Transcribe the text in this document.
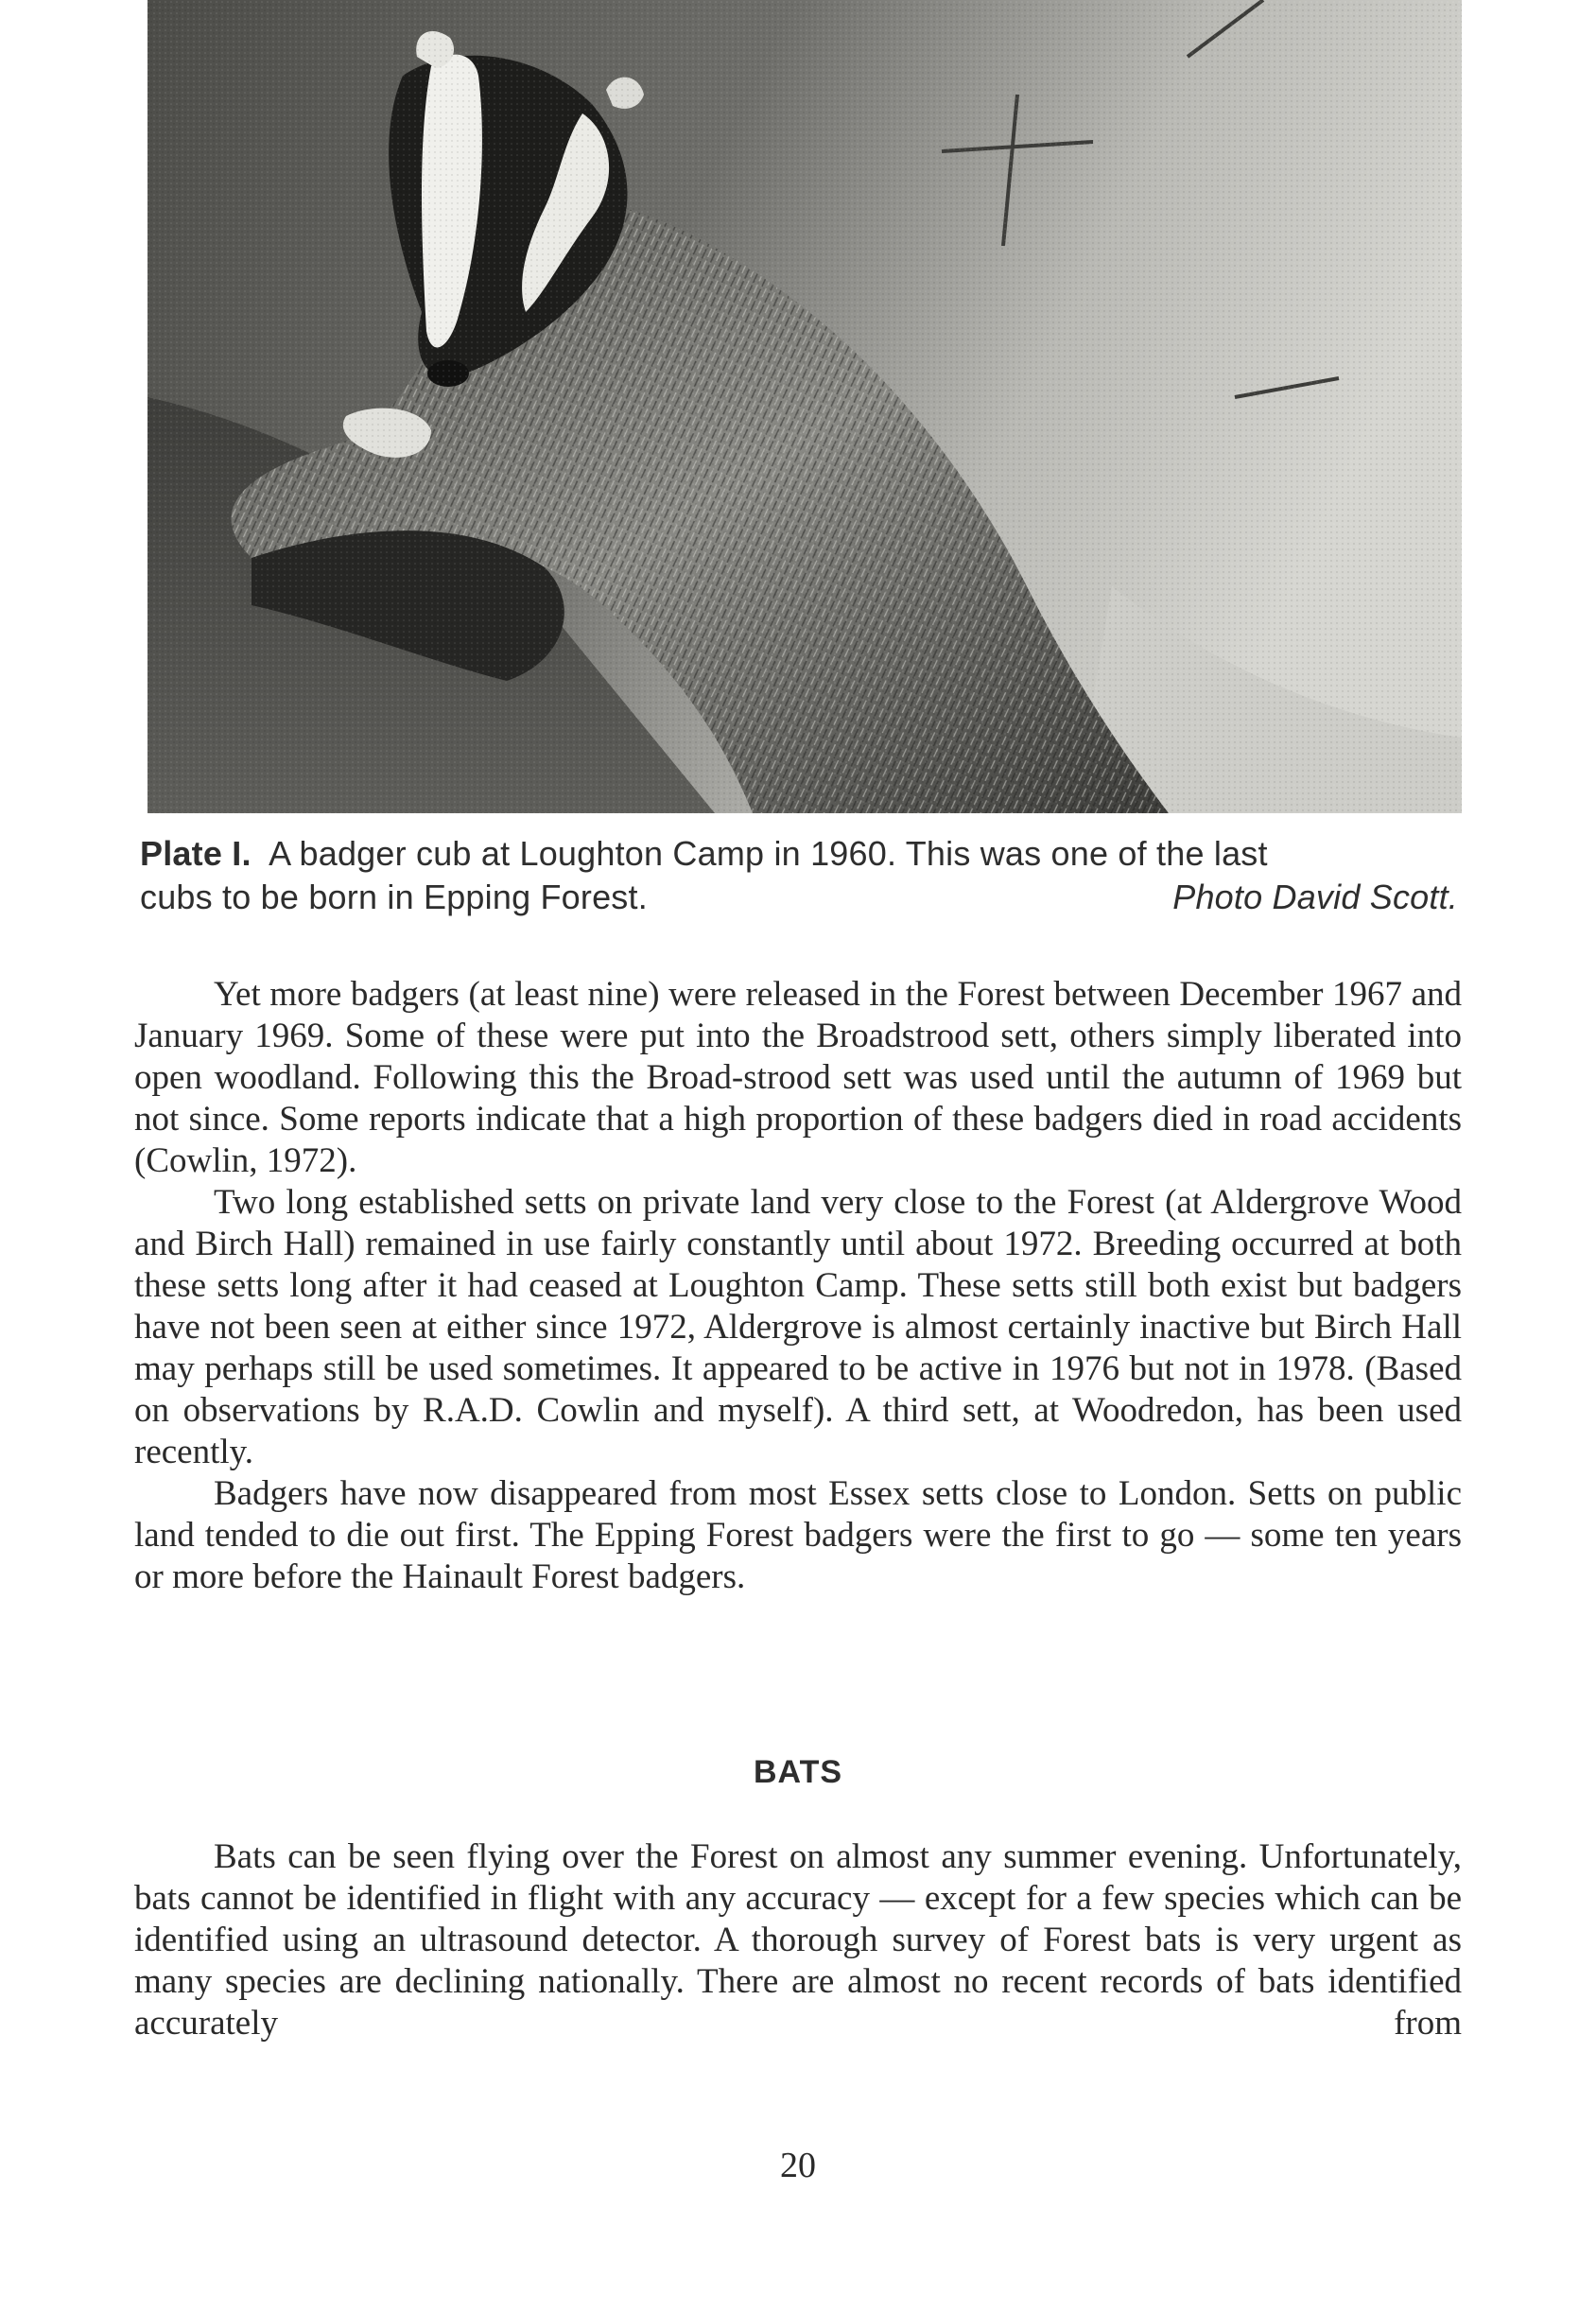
Plate I. A badger cub at Loughton Camp in 1960. This was one of the last
cubs to be born in Epping Forest.	Photo David Scott.

Yet more badgers (at least nine) were released in the Forest between December 1967 and January 1969. Some of these were put into the Broadstrood sett, others simply liberated into open woodland. Following this the Broad-strood sett was used until the autumn of 1969 but not since. Some reports indicate that a high proportion of these badgers died in road accidents (Cowlin, 1972).

Two long established setts on private land very close to the Forest (at Aldergrove Wood and Birch Hall) remained in use fairly constantly until about 1972. Breeding occurred at both these setts long after it had ceased at Loughton Camp. These setts still both exist but badgers have not been seen at either since 1972, Aldergrove is almost certainly inactive but Birch Hall may perhaps still be used sometimes. It appeared to be active in 1976 but not in 1978. (Based on observations by R.A.D. Cowlin and myself). A third sett, at Woodredon, has been used recently.

Badgers have now disappeared from most Essex setts close to London. Setts on public land tended to die out first. The Epping Forest badgers were the first to go — some ten years or more before the Hainault Forest badgers.

BATS

Bats can be seen flying over the Forest on almost any summer evening. Unfortunately, bats cannot be identified in flight with any accuracy — except for a few species which can be identified using an ultrasound detector. A thorough survey of Forest bats is very urgent as many species are declining nationally. There are almost no recent records of bats identified accurately from

20
